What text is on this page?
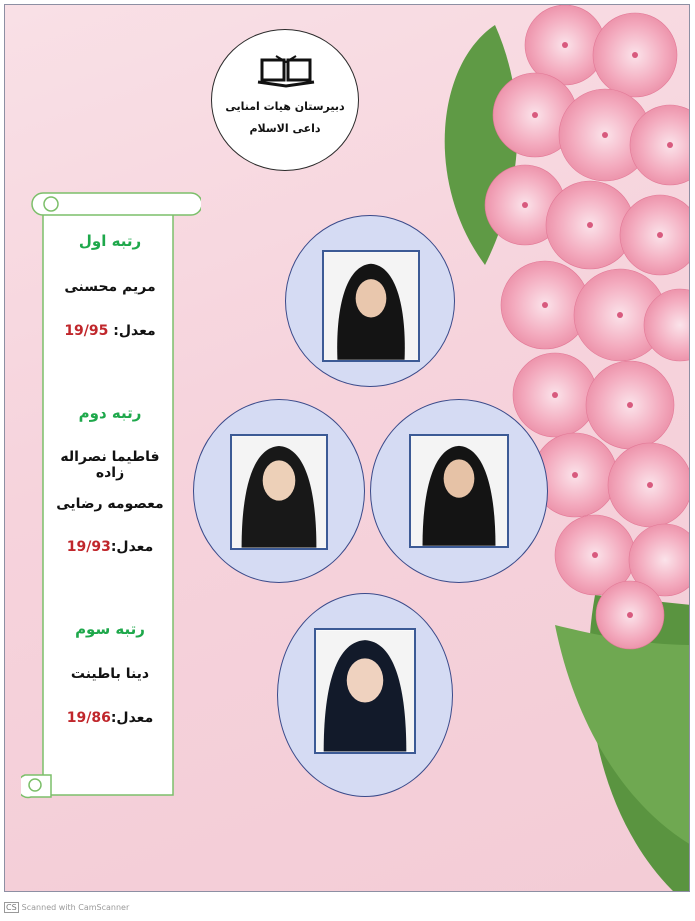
دبیرستان هیات امنایی
داعی الاسلام
رتبه اول
مریم محسنی
معدل: 19/95
رتبه دوم
فاطیما نصراله زاده
معصومه رضایی
معدل:19/93
رتبه سوم
دینا باطینت
معدل:19/86
CS Scanned with CamScanner
